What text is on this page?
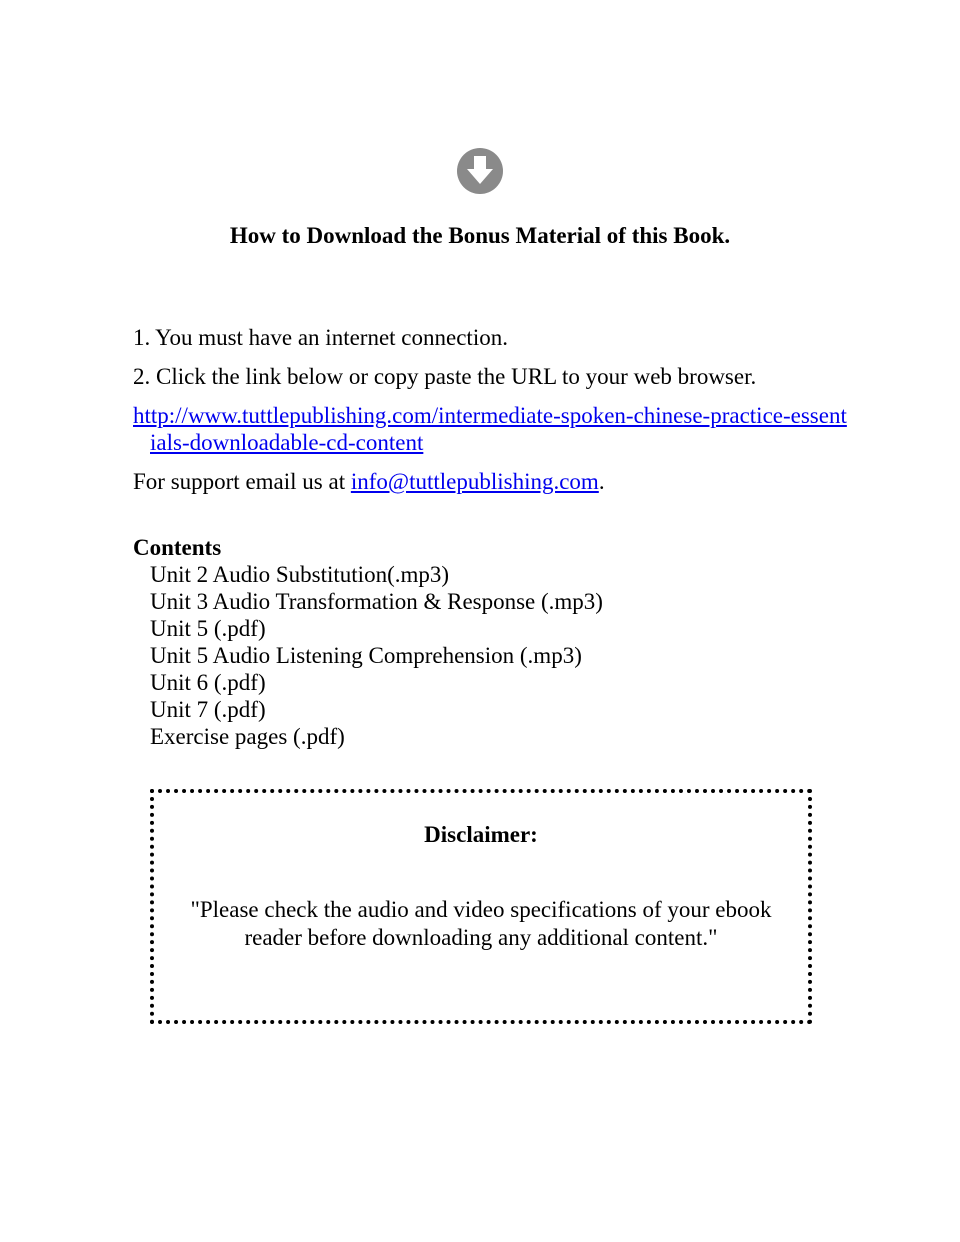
How to Download the Bonus Material of this Book.
1. You must have an internet connection.
2. Click the link below or copy paste the URL to your web browser.
http://www.tuttlepublishing.com/intermediate-spoken-chinese-practice-essentials-downloadable-cd-content
For support email us at info@tuttlepublishing.com.
Contents
Unit 2 Audio Substitution(.mp3)
Unit 3 Audio Transformation & Response (.mp3)
Unit 5 (.pdf)
Unit 5 Audio Listening Comprehension (.mp3)
Unit 6 (.pdf)
Unit 7 (.pdf)
Exercise pages (.pdf)
Disclaimer:
"Please check the audio and video specifications of your ebook reader before downloading any additional content."
